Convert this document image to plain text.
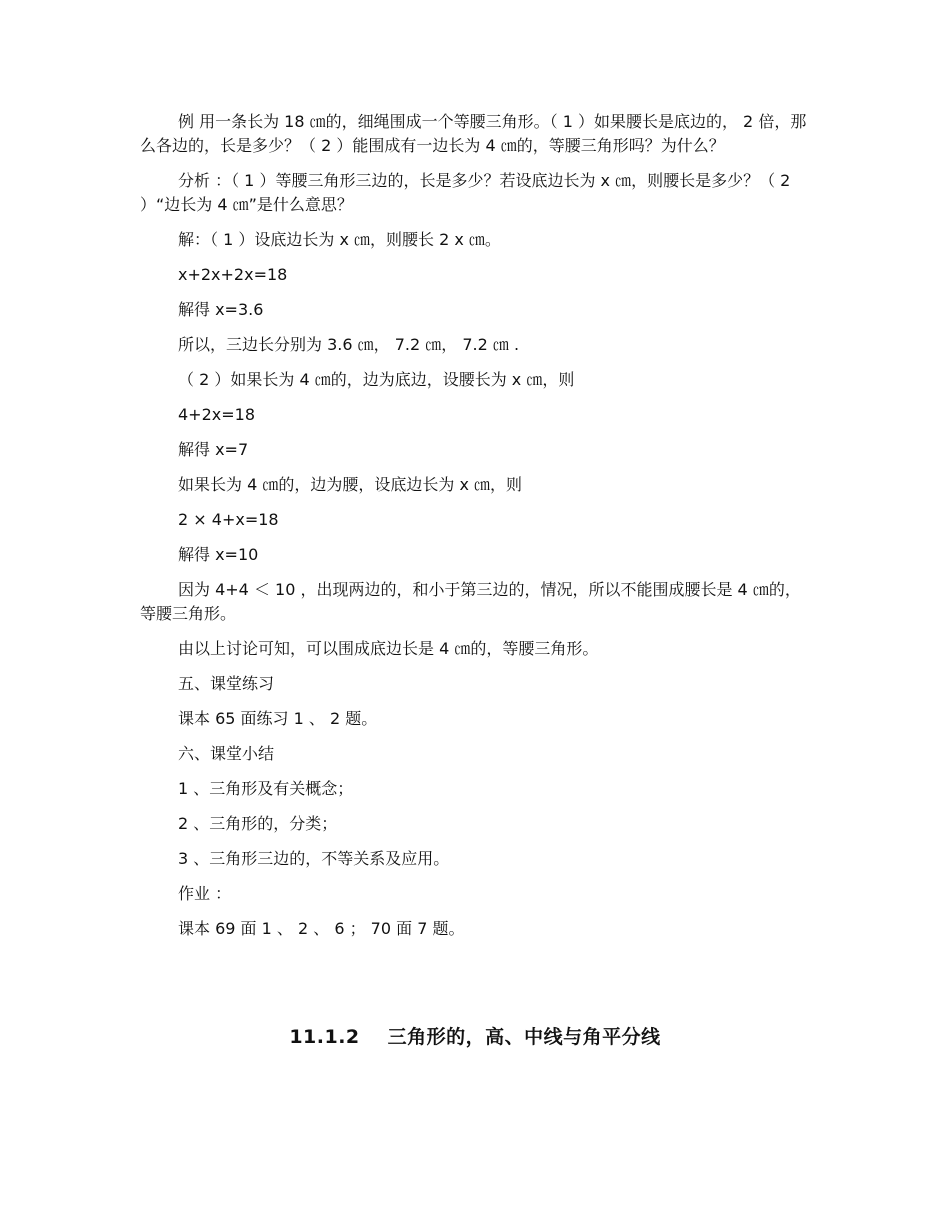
例 用一条长为 18 ㎝的，细绳围成一个等腰三角形。（ 1 ）如果腰长是底边的， 2 倍，那么各边的，长是多少？（ 2 ）能围成有一边长为 4 ㎝的，等腰三角形吗？为什么？

分析 ：（ 1 ）等腰三角形三边的，长是多少？若设底边长为 x ㎝，则腰长是多少？（ 2 ）“边长为 4 ㎝”是什么意思？

解：（ 1 ）设底边长为 x ㎝，则腰长 2 x ㎝。

x+2x+2x=18

解得 x=3.6

所以，三边长分别为 3.6 ㎝， 7.2 ㎝， 7.2 ㎝ .

（ 2 ）如果长为 4 ㎝的，边为底边，设腰长为 x ㎝，则

4+2x=18

解得 x=7

如果长为 4 ㎝的，边为腰，设底边长为 x ㎝，则

2 × 4+x=18

解得 x=10

因为 4+4 ＜ 10 ，出现两边的，和小于第三边的，情况，所以不能围成腰长是 4 ㎝的，等腰三角形。

由以上讨论可知，可以围成底边长是 4 ㎝的，等腰三角形。

五、课堂练习

课本 65 面练习 1 、 2 题。

六、课堂小结

1 、三角形及有关概念；

2 、三角形的，分类；

3 、三角形三边的，不等关系及应用。

作业 ：

课本 69 面 1 、 2 、 6 ； 70 面 7 题。

11.1.2 三角形的，高、中线与角平分线
